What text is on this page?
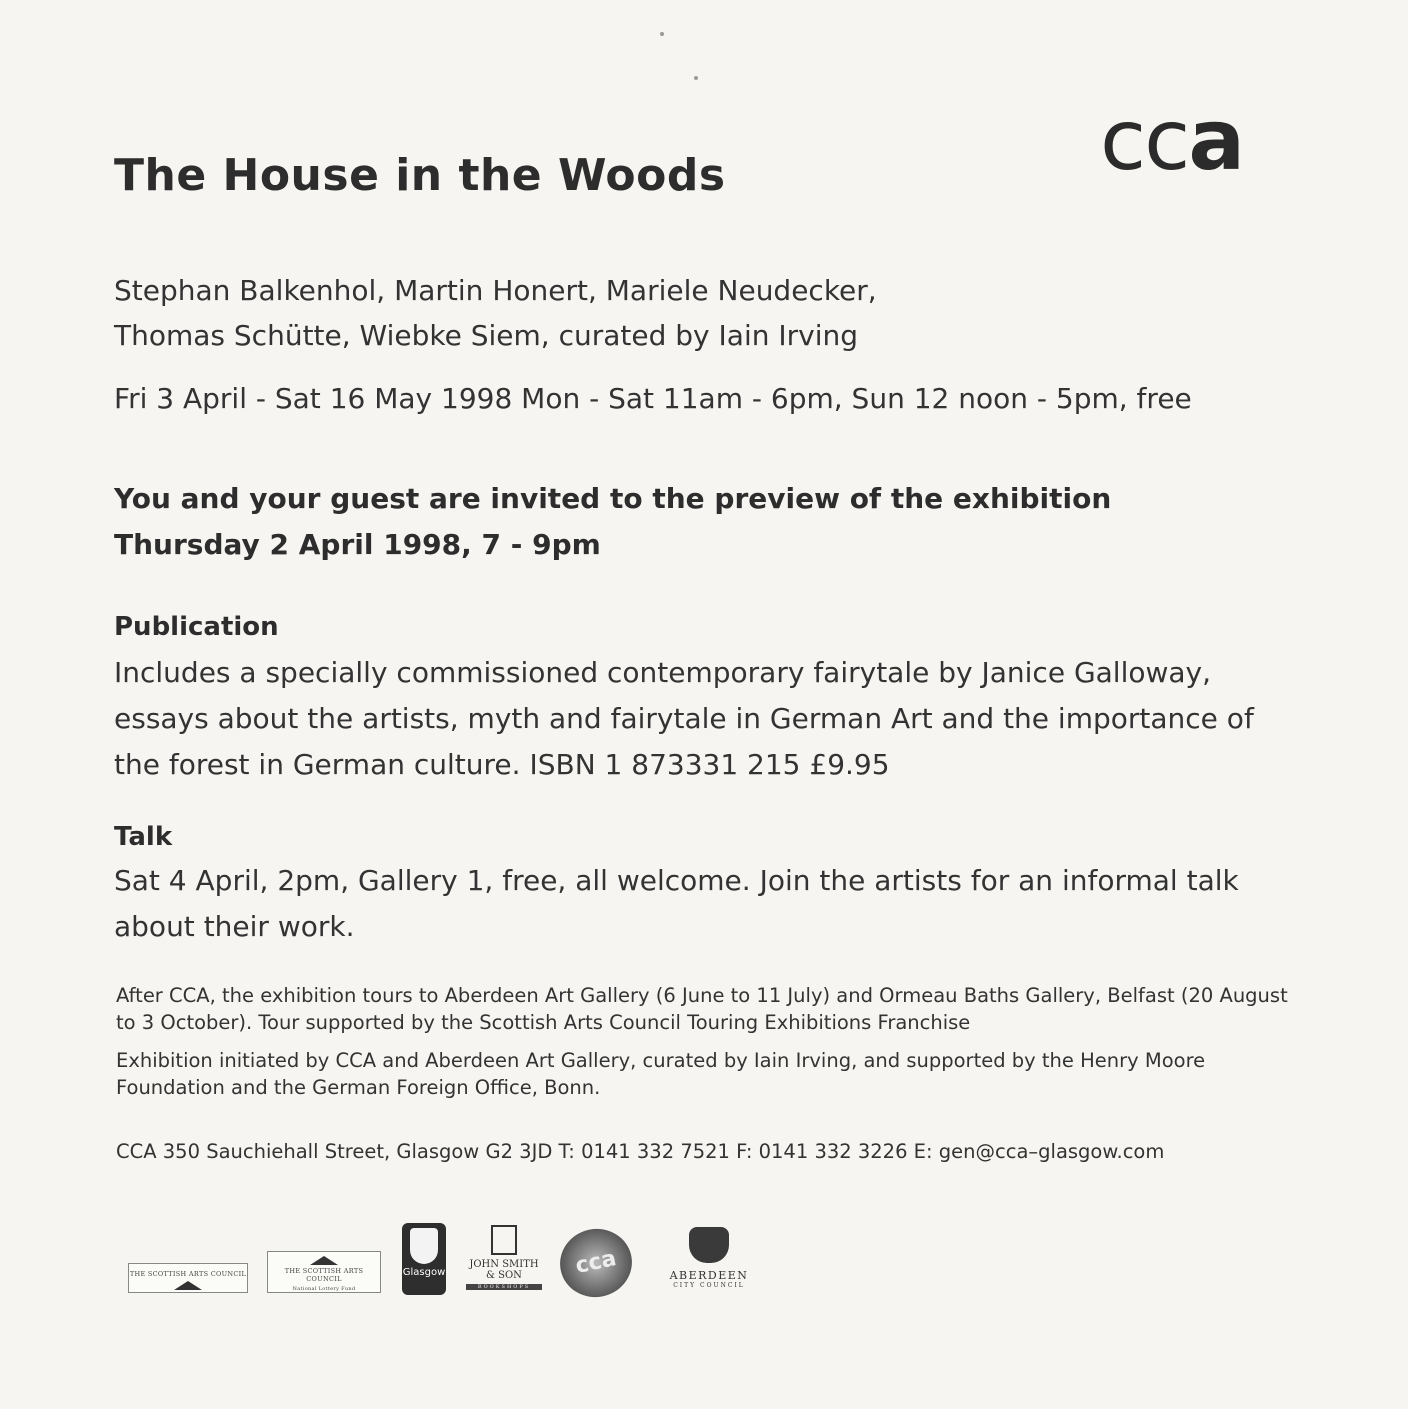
cca
The House in the Woods
Stephan Balkenhol, Martin Honert, Mariele Neudecker,
Thomas Schütte, Wiebke Siem, curated by Iain Irving
Fri 3 April - Sat 16 May 1998 Mon - Sat 11am - 6pm, Sun 12 noon - 5pm, free
You and your guest are invited to the preview of the exhibition
Thursday 2 April 1998, 7 - 9pm
Publication
Includes a specially commissioned contemporary fairytale by Janice Galloway, essays about the artists, myth and fairytale in German Art and the importance of the forest in German culture. ISBN 1 873331 215 £9.95
Talk
Sat 4 April, 2pm, Gallery 1, free, all welcome. Join the artists for an informal talk about their work.
After CCA, the exhibition tours to Aberdeen Art Gallery (6 June to 11 July) and Ormeau Baths Gallery, Belfast (20 August to 3 October). Tour supported by the Scottish Arts Council Touring Exhibitions Franchise
Exhibition initiated by CCA and Aberdeen Art Gallery, curated by Iain Irving, and supported by the Henry Moore Foundation and the German Foreign Office, Bonn.
CCA 350 Sauchiehall Street, Glasgow G2 3JD T: 0141 332 7521 F: 0141 332 3226 E: gen@cca–glasgow.com
THE SCOTTISH ARTS COUNCIL	THE SCOTTISH ARTS COUNCIL
National Lottery Fund
Glasgow
JOHN SMITH
& SON
BOOKSHOPS
cca	ABERDEEN
CITY COUNCIL
